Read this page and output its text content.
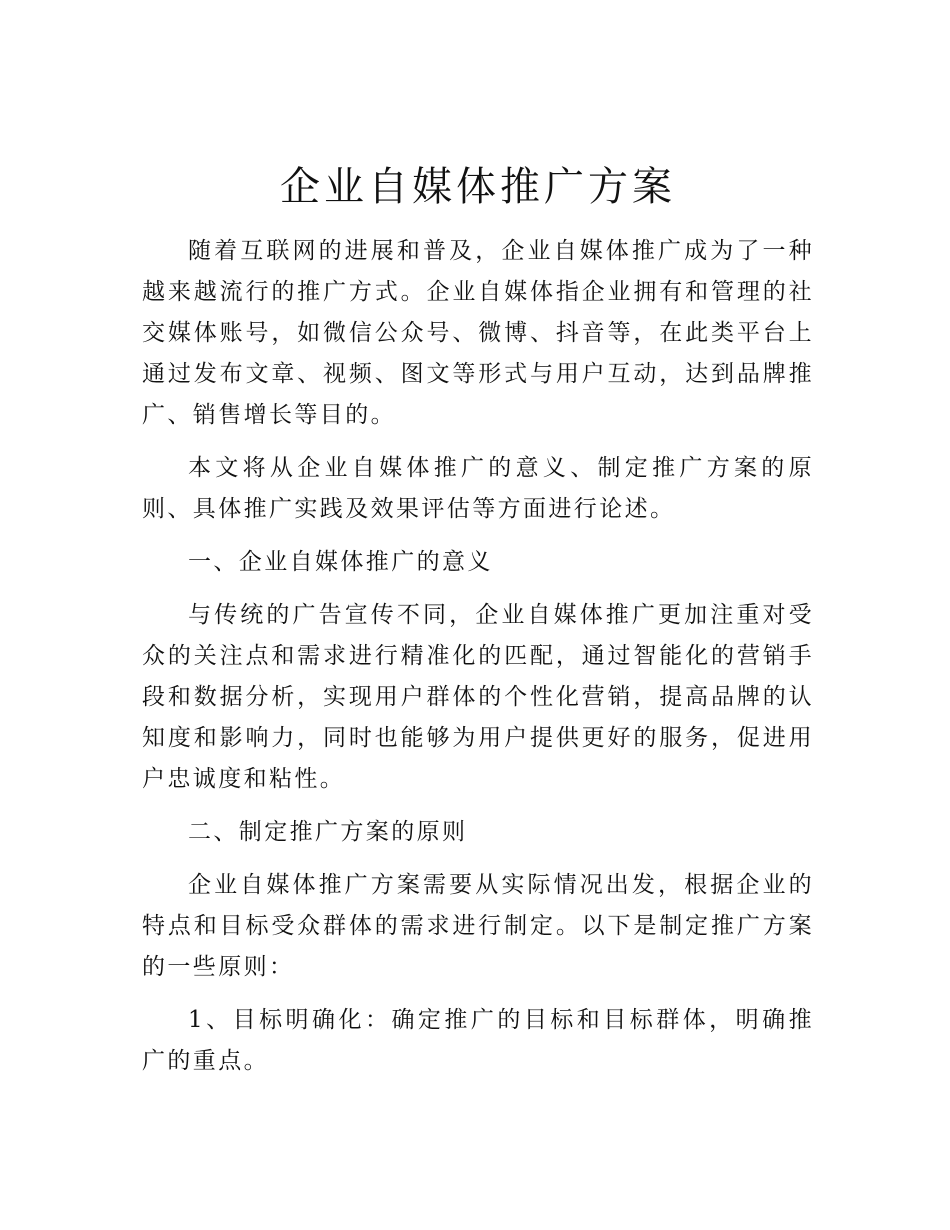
企业自媒体推广方案

随着互联网的进展和普及，企业自媒体推广成为了一种越来越流行的推广方式。企业自媒体指企业拥有和管理的社交媒体账号，如微信公众号、微博、抖音等，在此类平台上通过发布文章、视频、图文等形式与用户互动，达到品牌推广、销售增长等目的。

本文将从企业自媒体推广的意义、制定推广方案的原则、具体推广实践及效果评估等方面进行论述。

一、企业自媒体推广的意义

与传统的广告宣传不同，企业自媒体推广更加注重对受众的关注点和需求进行精准化的匹配，通过智能化的营销手段和数据分析，实现用户群体的个性化营销，提高品牌的认知度和影响力，同时也能够为用户提供更好的服务，促进用户忠诚度和粘性。

二、制定推广方案的原则

企业自媒体推广方案需要从实际情况出发，根据企业的特点和目标受众群体的需求进行制定。以下是制定推广方案的一些原则：

1、目标明确化：确定推广的目标和目标群体，明确推广的重点。
